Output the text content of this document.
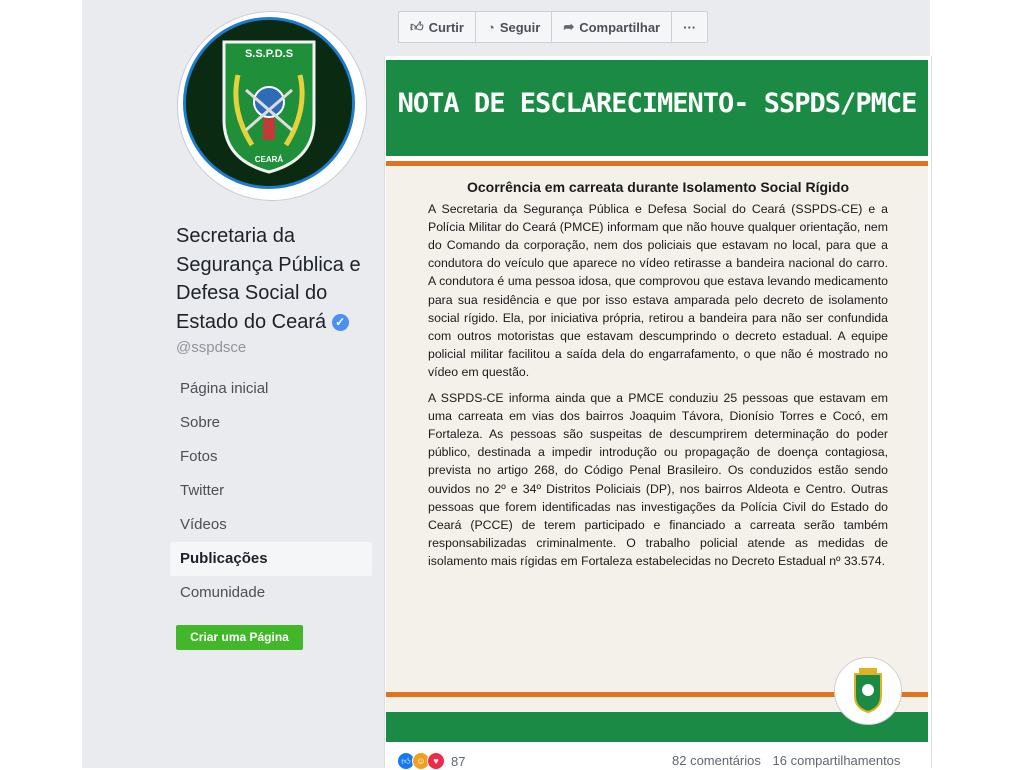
S.S.P.D.S
CEARÁ
Secretaria da Segurança Pública e Defesa Social do Estado do Ceará ✓
@sspdsce
Página inicial
Sobre
Fotos
Twitter
Vídeos
Publicações
Comunidade
Criar uma Página
👍︎ Curtir ◔ Seguir ➦ Compartilhar ···
NOTA DE ESCLARECIMENTO- SSPDS/PMCE
Ocorrência em carreata durante Isolamento Social Rígido

A Secretaria da Segurança Pública e Defesa Social do Ceará (SSPDS-CE) e a Polícia Militar do Ceará (PMCE) informam que não houve qualquer orientação, nem do Comando da corporação, nem dos policiais que estavam no local, para que a condutora do veículo que aparece no vídeo retirasse a bandeira nacional do carro. A condutora é uma pessoa idosa, que comprovou que estava levando medicamento para sua residência e que por isso estava amparada pelo decreto de isolamento social rígido. Ela, por iniciativa própria, retirou a bandeira para não ser confundida com outros motoristas que estavam descumprindo o decreto estadual. A equipe policial militar facilitou a saída dela do engarrafamento, o que não é mostrado no vídeo em questão.

A SSPDS-CE informa ainda que a PMCE conduziu 25 pessoas que estavam em uma carreata em vias dos bairros Joaquim Távora, Dionísio Torres e Cocó, em Fortaleza. As pessoas são suspeitas de descumprirem determinação do poder público, destinada a impedir introdução ou propagação de doença contagiosa, prevista no artigo 268, do Código Penal Brasileiro. Os conduzidos estão sendo ouvidos no 2º e 34º Distritos Policiais (DP), nos bairros Aldeota e Centro. Outras pessoas que forem identificadas nas investigações da Polícia Civil do Estado do Ceará (PCCE) de terem participado e financiado a carreata serão também responsabilizadas criminalmente. O trabalho policial atende as medidas de isolamento mais rígidas em Fortaleza estabelecidas no Decreto Estadual nº 33.574.

👍︎ ☺ ♥ 87	82 comentários 16 compartilhamentos
